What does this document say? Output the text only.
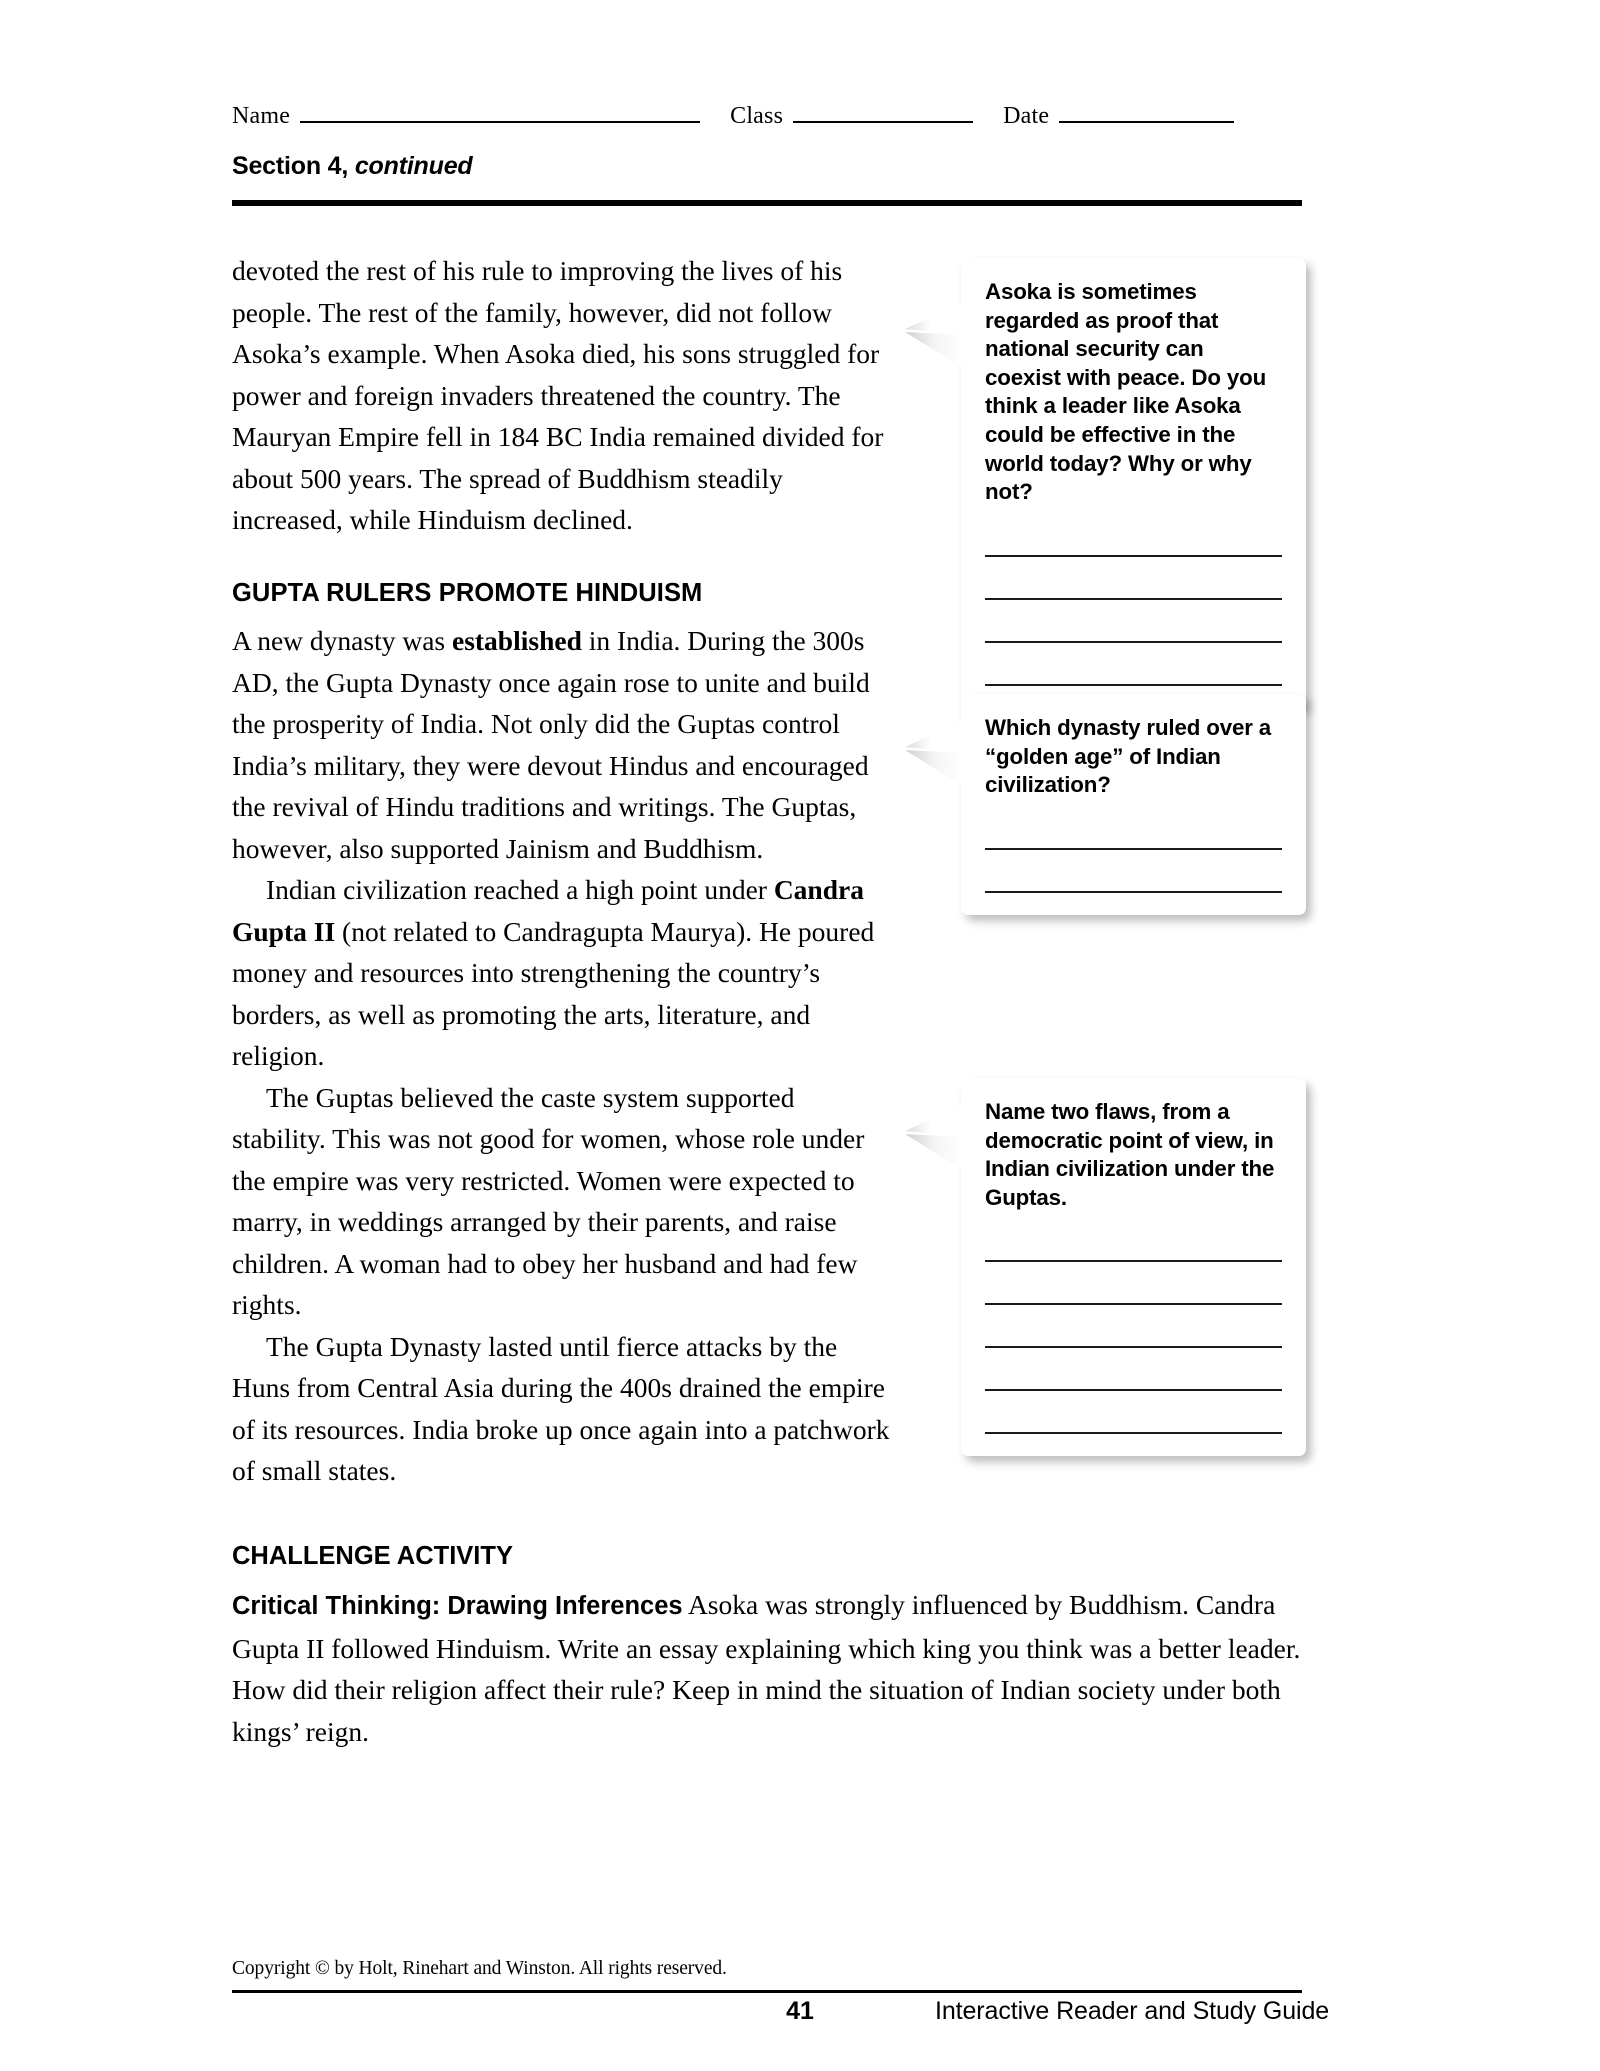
Name	Class	Date
Section 4, continued

devoted the rest of his rule to improving the lives of his people. The rest of the family, however, did not follow Asoka’s example. When Asoka died, his sons struggled for power and foreign invaders threatened the country. The Mauryan Empire fell in 184 BC India remained divided for about 500 years. The spread of Buddhism steadily increased, while Hinduism declined.

GUPTA RULERS PROMOTE HINDUISM

A new dynasty was established in India. During the 300s AD, the Gupta Dynasty once again rose to unite and build the prosperity of India. Not only did the Guptas control India’s military, they were devout Hindus and encouraged the revival of Hindu traditions and writings. The Guptas, however, also supported Jainism and Buddhism.

Indian civilization reached a high point under Candra Gupta II (not related to Candragupta Maurya). He poured money and resources into strengthening the country’s borders, as well as promoting the arts, literature, and religion.

The Guptas believed the caste system supported stability. This was not good for women, whose role under the empire was very restricted. Women were expected to marry, in weddings arranged by their parents, and raise children. A woman had to obey her husband and had few rights.

The Gupta Dynasty lasted until fierce attacks by the Huns from Central Asia during the 400s drained the empire of its resources. India broke up once again into a patchwork of small states.

CHALLENGE ACTIVITY

Critical Thinking: Drawing Inferences Asoka was strongly influenced by Buddhism. Candra Gupta II followed Hinduism. Write an essay explaining which king you think was a better leader. How did their religion affect their rule? Keep in mind the situation of Indian society under both kings’ reign.

Asoka is sometimes regarded as proof that national security can coexist with peace. Do you think a leader like Asoka could be effective in the world today? Why or why not?

Which dynasty ruled over a “golden age” of Indian civilization?

Name two flaws, from a democratic point of view, in Indian civilization under the Guptas.

Copyright © by Holt, Rinehart and Winston. All rights reserved.
41	Interactive Reader and Study Guide
